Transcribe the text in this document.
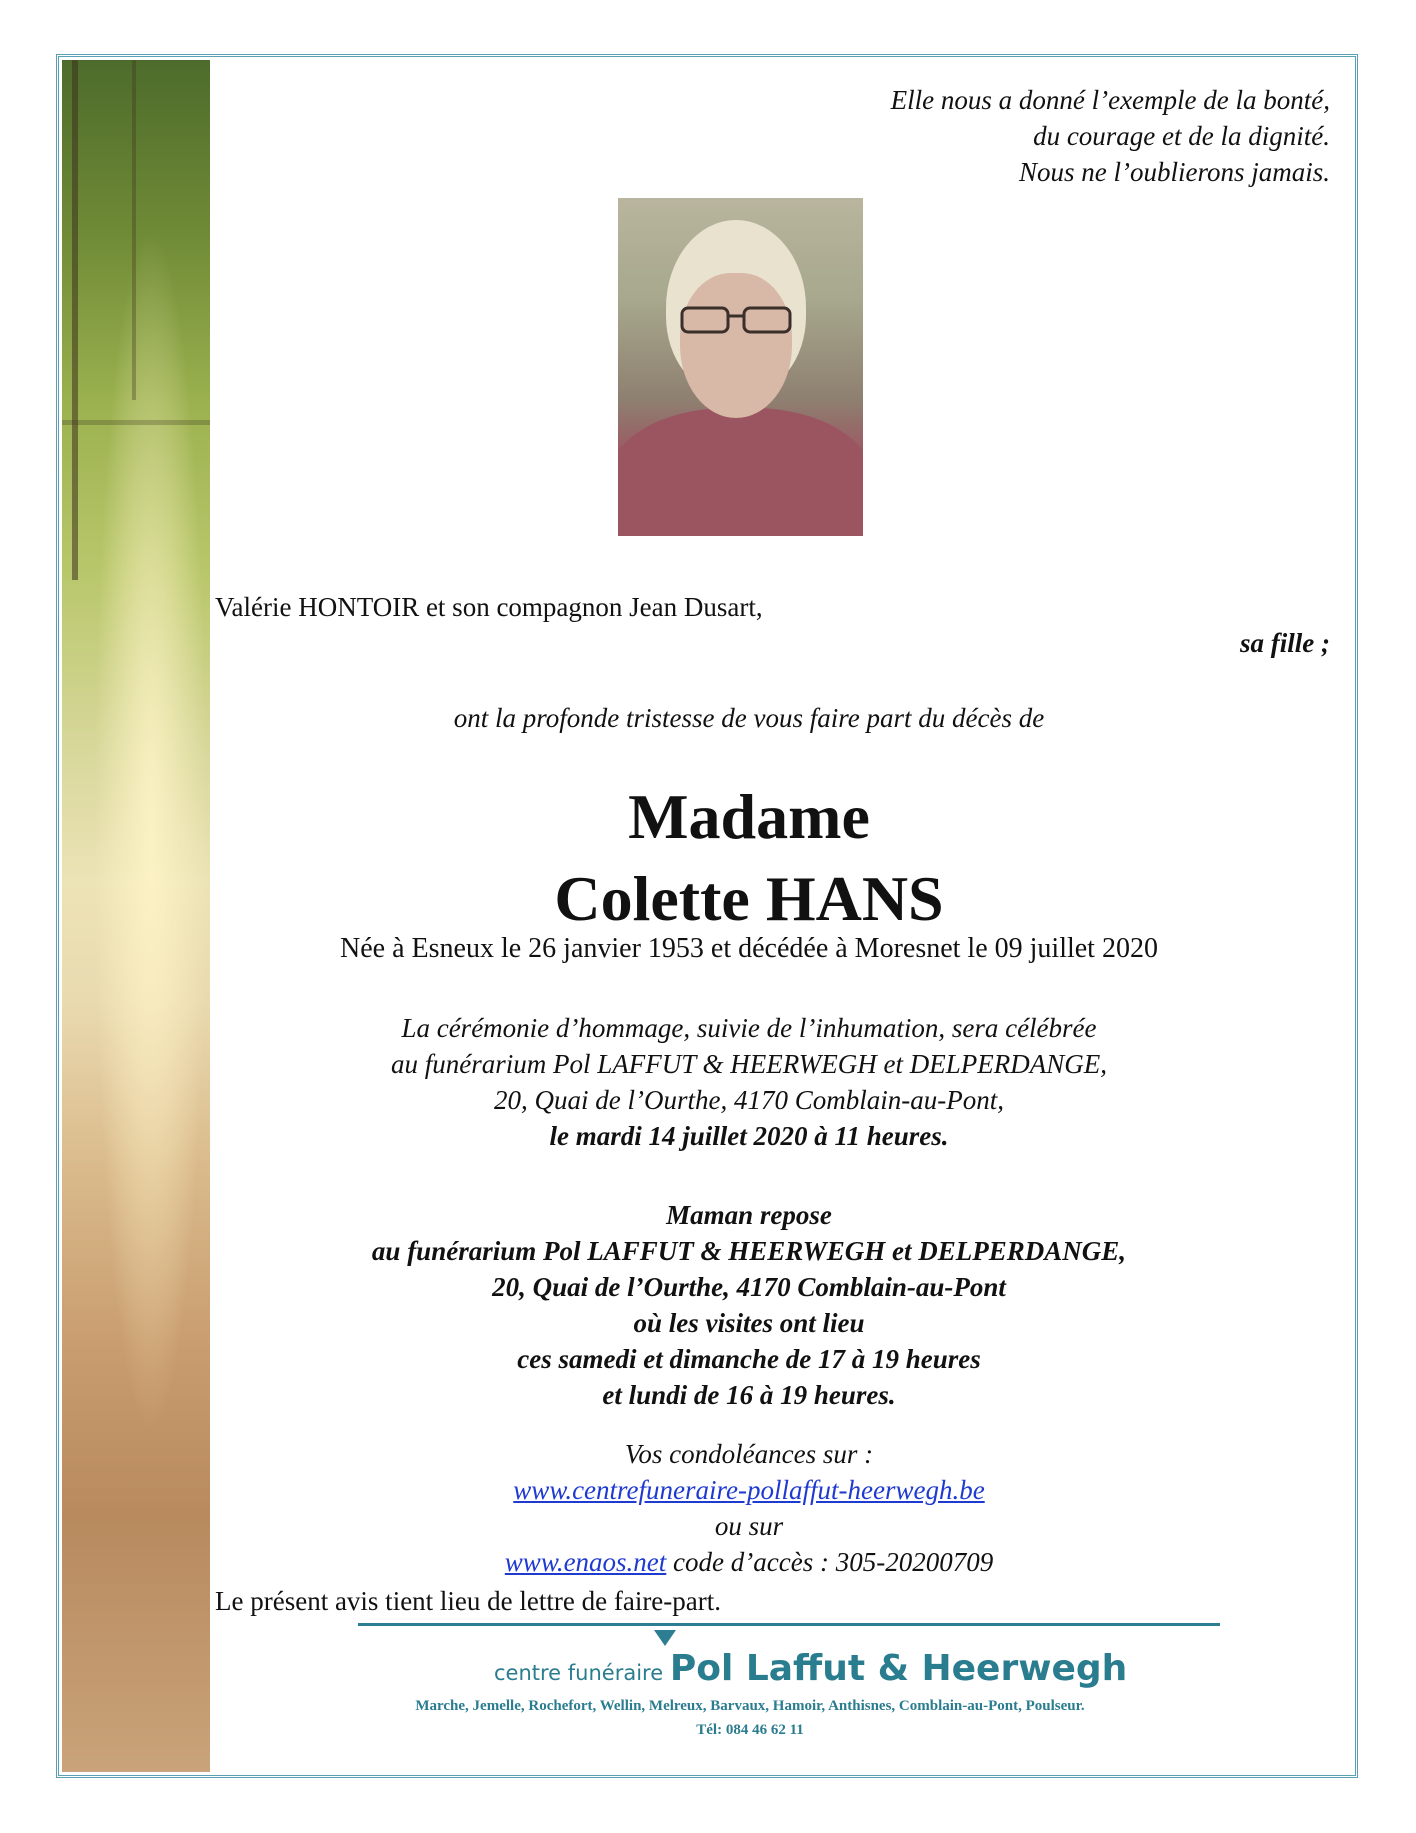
Elle nous a donné l’exemple de la bonté,
du courage et de la dignité.
Nous ne l’oublierons jamais.
Valérie HONTOIR et son compagnon Jean Dusart,
sa fille ;
ont la profonde tristesse de vous faire part du décès de
Madame
Colette HANS
Née à Esneux le 26 janvier 1953 et décédée à Moresnet le 09 juillet 2020
La cérémonie d’hommage, suivie de l’inhumation, sera célébrée
au funérarium Pol LAFFUT & HEERWEGH et DELPERDANGE,
20, Quai de l’Ourthe, 4170 Comblain-au-Pont,
le mardi 14 juillet 2020 à 11 heures.
Maman repose
au funérarium Pol LAFFUT & HEERWEGH et DELPERDANGE,
20, Quai de l’Ourthe, 4170 Comblain-au-Pont
où les visites ont lieu
ces samedi et dimanche de 17 à 19 heures
et lundi de 16 à 19 heures.
Vos condoléances sur :
www.centrefuneraire-pollaffut-heerwegh.be
ou sur
www.enaos.net code d’accès : 305-20200709
Le présent avis tient lieu de lettre de faire-part.
centre funéraire Pol Laffut & Heerwegh
Marche, Jemelle, Rochefort, Wellin, Melreux, Barvaux, Hamoir, Anthisnes, Comblain-au-Pont, Poulseur.
Tél: 084 46 62 11
